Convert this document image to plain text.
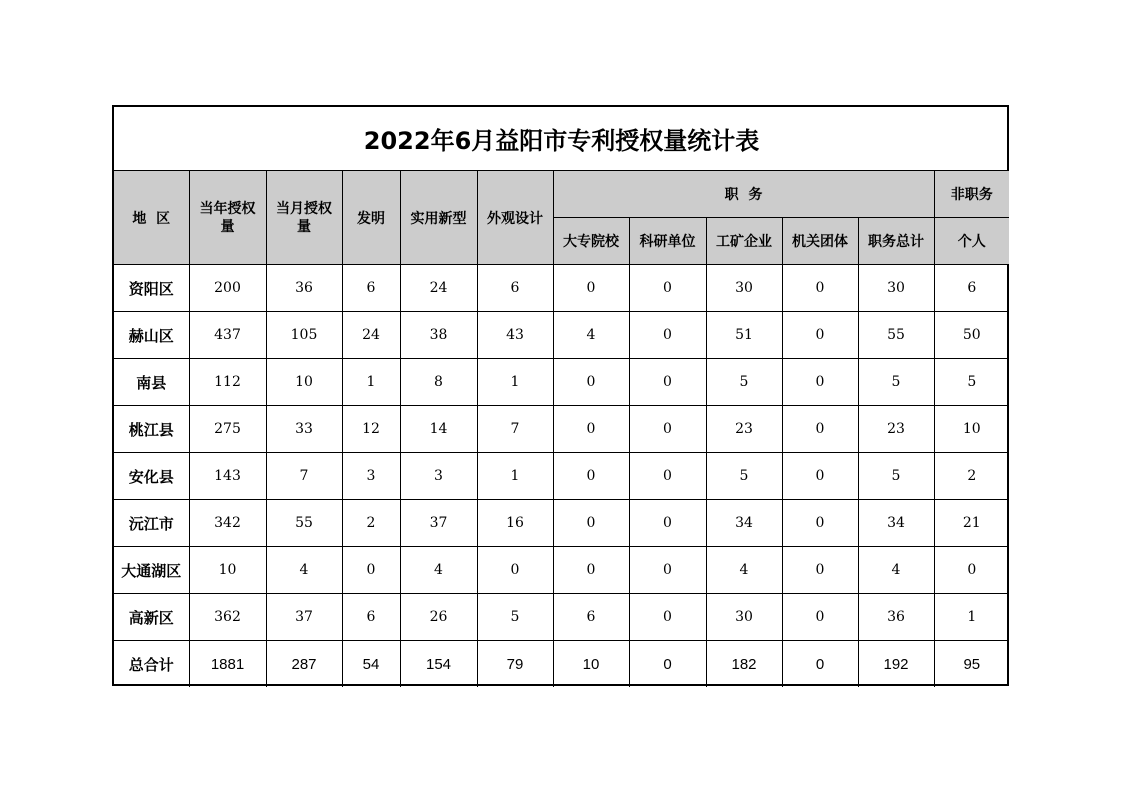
2022年6月益阳市专利授权量统计表											
地  区	当年授权量	当月授权量	发明	实用新型	外观设计	职  务					非职务
						大专院校	科研单位	工矿企业	机关团体	职务总计	个人
资阳区	200	36	6	24	6	0	0	30	0	30	6
赫山区	437	105	24	38	43	4	0	51	0	55	50
南县	112	10	1	8	1	0	0	5	0	5	5
桃江县	275	33	12	14	7	0	0	23	0	23	10
安化县	143	7	3	3	1	0	0	5	0	5	2
沅江市	342	55	2	37	16	0	0	34	0	34	21
大通湖区	10	4	0	4	0	0	0	4	0	4	0
高新区	362	37	6	26	5	6	0	30	0	36	1
总合计	1881	287	54	154	79	10	0	182	0	192	95
